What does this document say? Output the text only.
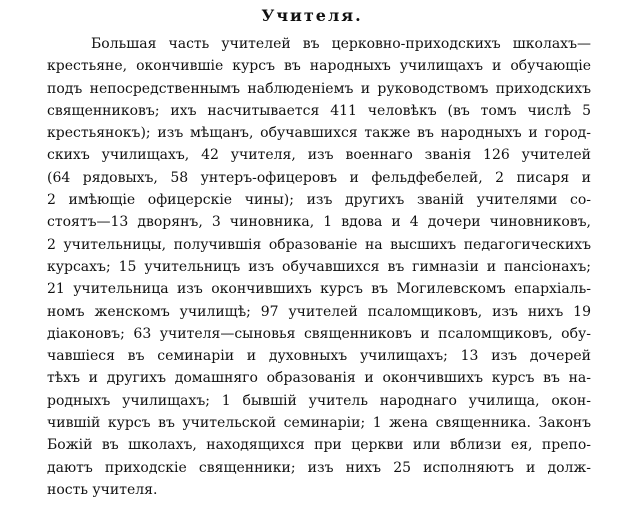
Учителя.
Большая часть учителей въ церковно-приходскихъ школахъ—
крестьяне, окончившіе курсъ въ народныхъ училищахъ и обучающіе
подъ непосредственнымъ наблюденіемъ и руководствомъ приходскихъ
священниковъ; ихъ насчитывается 411 человѣкъ (въ томъ числѣ 5
крестьянокъ); изъ мѣщанъ, обучавшихся также въ народныхъ и город-
скихъ училищахъ, 42 учителя, изъ военнаго званія 126 учителей
(64 рядовыхъ, 58 унтеръ-офицеровъ и фельдфебелей, 2 писаря и
2 имѣющіе офицерскіе чины); изъ другихъ званій учителями со-
стоятъ—13 дворянъ, 3 чиновника, 1 вдова и 4 дочери чиновниковъ,
2 учительницы, получившія образованіе на высшихъ педагогическихъ
курсахъ; 15 учительницъ изъ обучавшихся въ гимназіи и пансіонахъ;
21 учительница изъ окончившихъ курсъ въ Могилевскомъ епархіаль-
номъ женскомъ училищѣ; 97 учителей псаломщиковъ, изъ нихъ 19
діаконовъ; 63 учителя—сыновья священниковъ и псаломщиковъ, обу-
чавшіеся въ семинаріи и духовныхъ училищахъ; 13 изъ дочерей
тѣхъ и другихъ домашняго образованія и окончившихъ курсъ въ на-
родныхъ училищахъ; 1 бывшій учитель народнаго училища, окон-
чившій курсъ въ учительской семинаріи; 1 жена священника. Законъ
Божій въ школахъ, находящихся при церкви или вблизи ея, препо-
даютъ приходскіе священники; изъ нихъ 25 исполняютъ и долж-
ность учителя.
